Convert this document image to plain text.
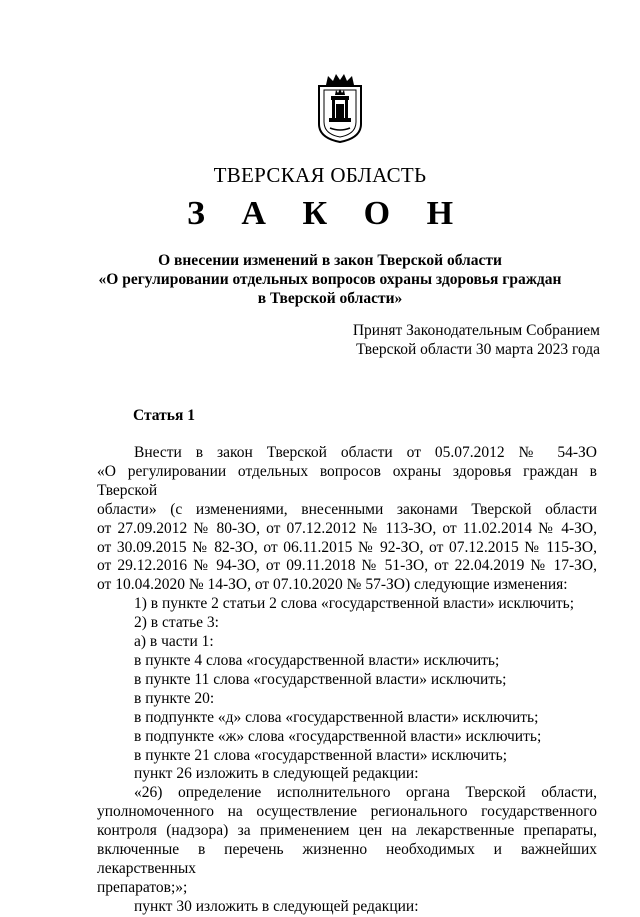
ТВЕРСКАЯ ОБЛАСТЬ
З А К О Н
О внесении изменений в закон Тверской области
«О регулировании отдельных вопросов охраны здоровья граждан
в Тверской области»
Принят Законодательным Собранием
Тверской области 30 марта 2023 года
Статья 1

Внести в закон Тверской области от 05.07.2012 № 54-ЗО

«О регулировании отдельных вопросов охраны здоровья граждан в Тверской

области» (с изменениями, внесенными законами Тверской области

от 27.09.2012 № 80-ЗО, от 07.12.2012 № 113-ЗО, от 11.02.2014 № 4-ЗО,

от 30.09.2015 № 82-ЗО, от 06.11.2015 № 92-ЗО, от 07.12.2015 № 115-ЗО,

от 29.12.2016 № 94-ЗО, от 09.11.2018 № 51-ЗО, от 22.04.2019 № 17-ЗО,

от 10.04.2020 № 14-ЗО, от 07.10.2020 № 57-ЗО) следующие изменения:

1) в пункте 2 статьи 2 слова «государственной власти» исключить;

2) в статье 3:

а) в части 1:

в пункте 4 слова «государственной власти» исключить;

в пункте 11 слова «государственной власти» исключить;

в пункте 20:

в подпункте «д» слова «государственной власти» исключить;

в подпункте «ж» слова «государственной власти» исключить;

в пункте 21 слова «государственной власти» исключить;

пункт 26 изложить в следующей редакции:

«26) определение исполнительного органа Тверской области,

уполномоченного на осуществление регионального государственного

контроля (надзора) за применением цен на лекарственные препараты,

включенные в перечень жизненно необходимых и важнейших лекарственных

препаратов;»;

пункт 30 изложить в следующей редакции:
